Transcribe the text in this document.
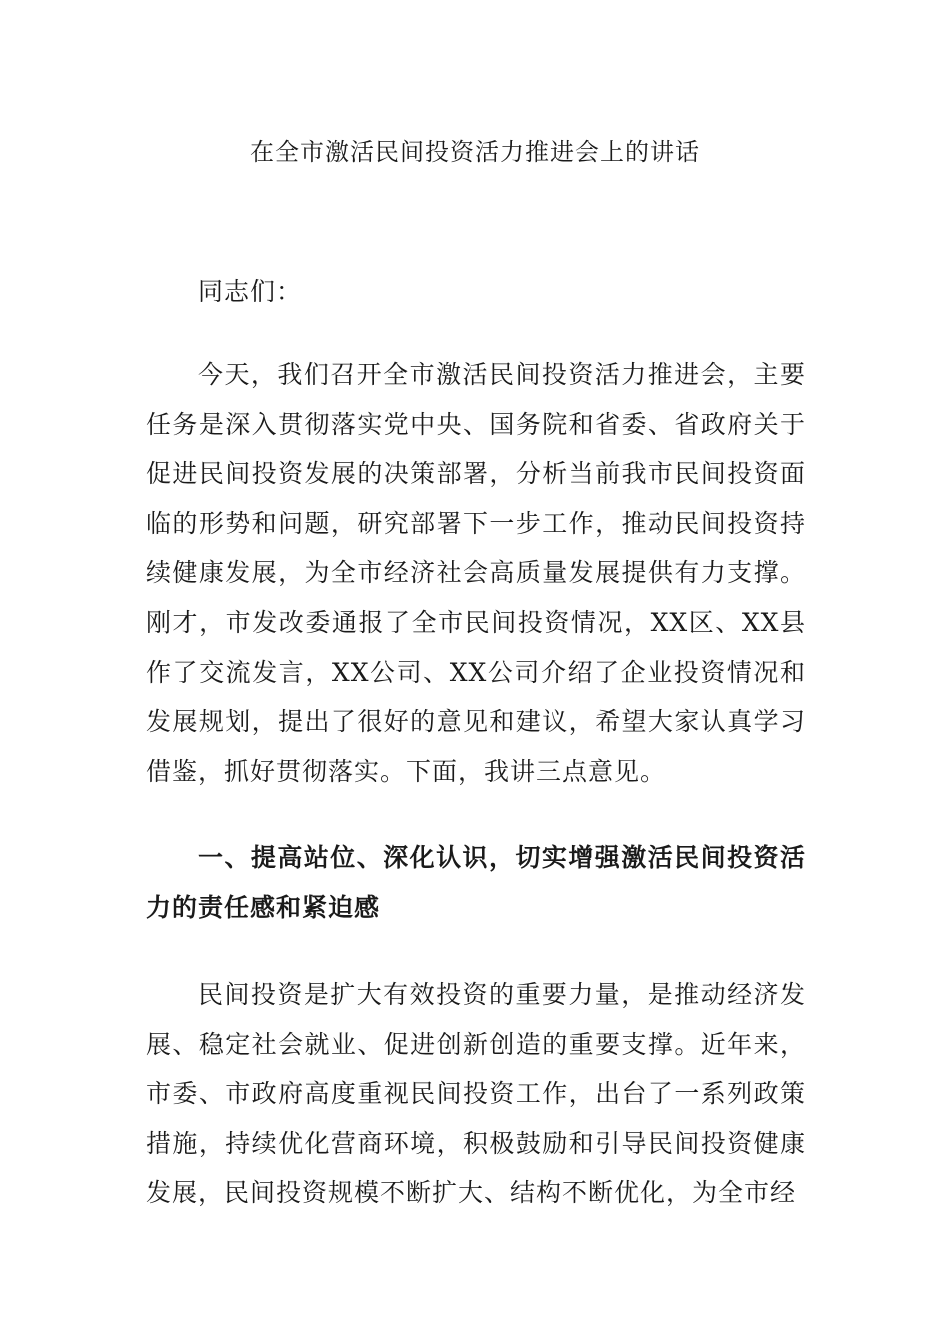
在全市激活民间投资活力推进会上的讲话

同志们：

今天，我们召开全市激活民间投资活力推进会，主要任务是深入贯彻落实党中央、国务院和省委、省政府关于促进民间投资发展的决策部署，分析当前我市民间投资面临的形势和问题，研究部署下一步工作，推动民间投资持续健康发展，为全市经济社会高质量发展提供有力支撑。刚才，市发改委通报了全市民间投资情况，XX区、XX县作了交流发言，XX公司、XX公司介绍了企业投资情况和发展规划，提出了很好的意见和建议，希望大家认真学习借鉴，抓好贯彻落实。下面，我讲三点意见。

一、提高站位、深化认识，切实增强激活民间投资活力的责任感和紧迫感

民间投资是扩大有效投资的重要力量，是推动经济发展、稳定社会就业、促进创新创造的重要支撑。近年来，市委、市政府高度重视民间投资工作，出台了一系列政策措施，持续优化营商环境，积极鼓励和引导民间投资健康发展，民间投资规模不断扩大、结构不断优化，为全市经
